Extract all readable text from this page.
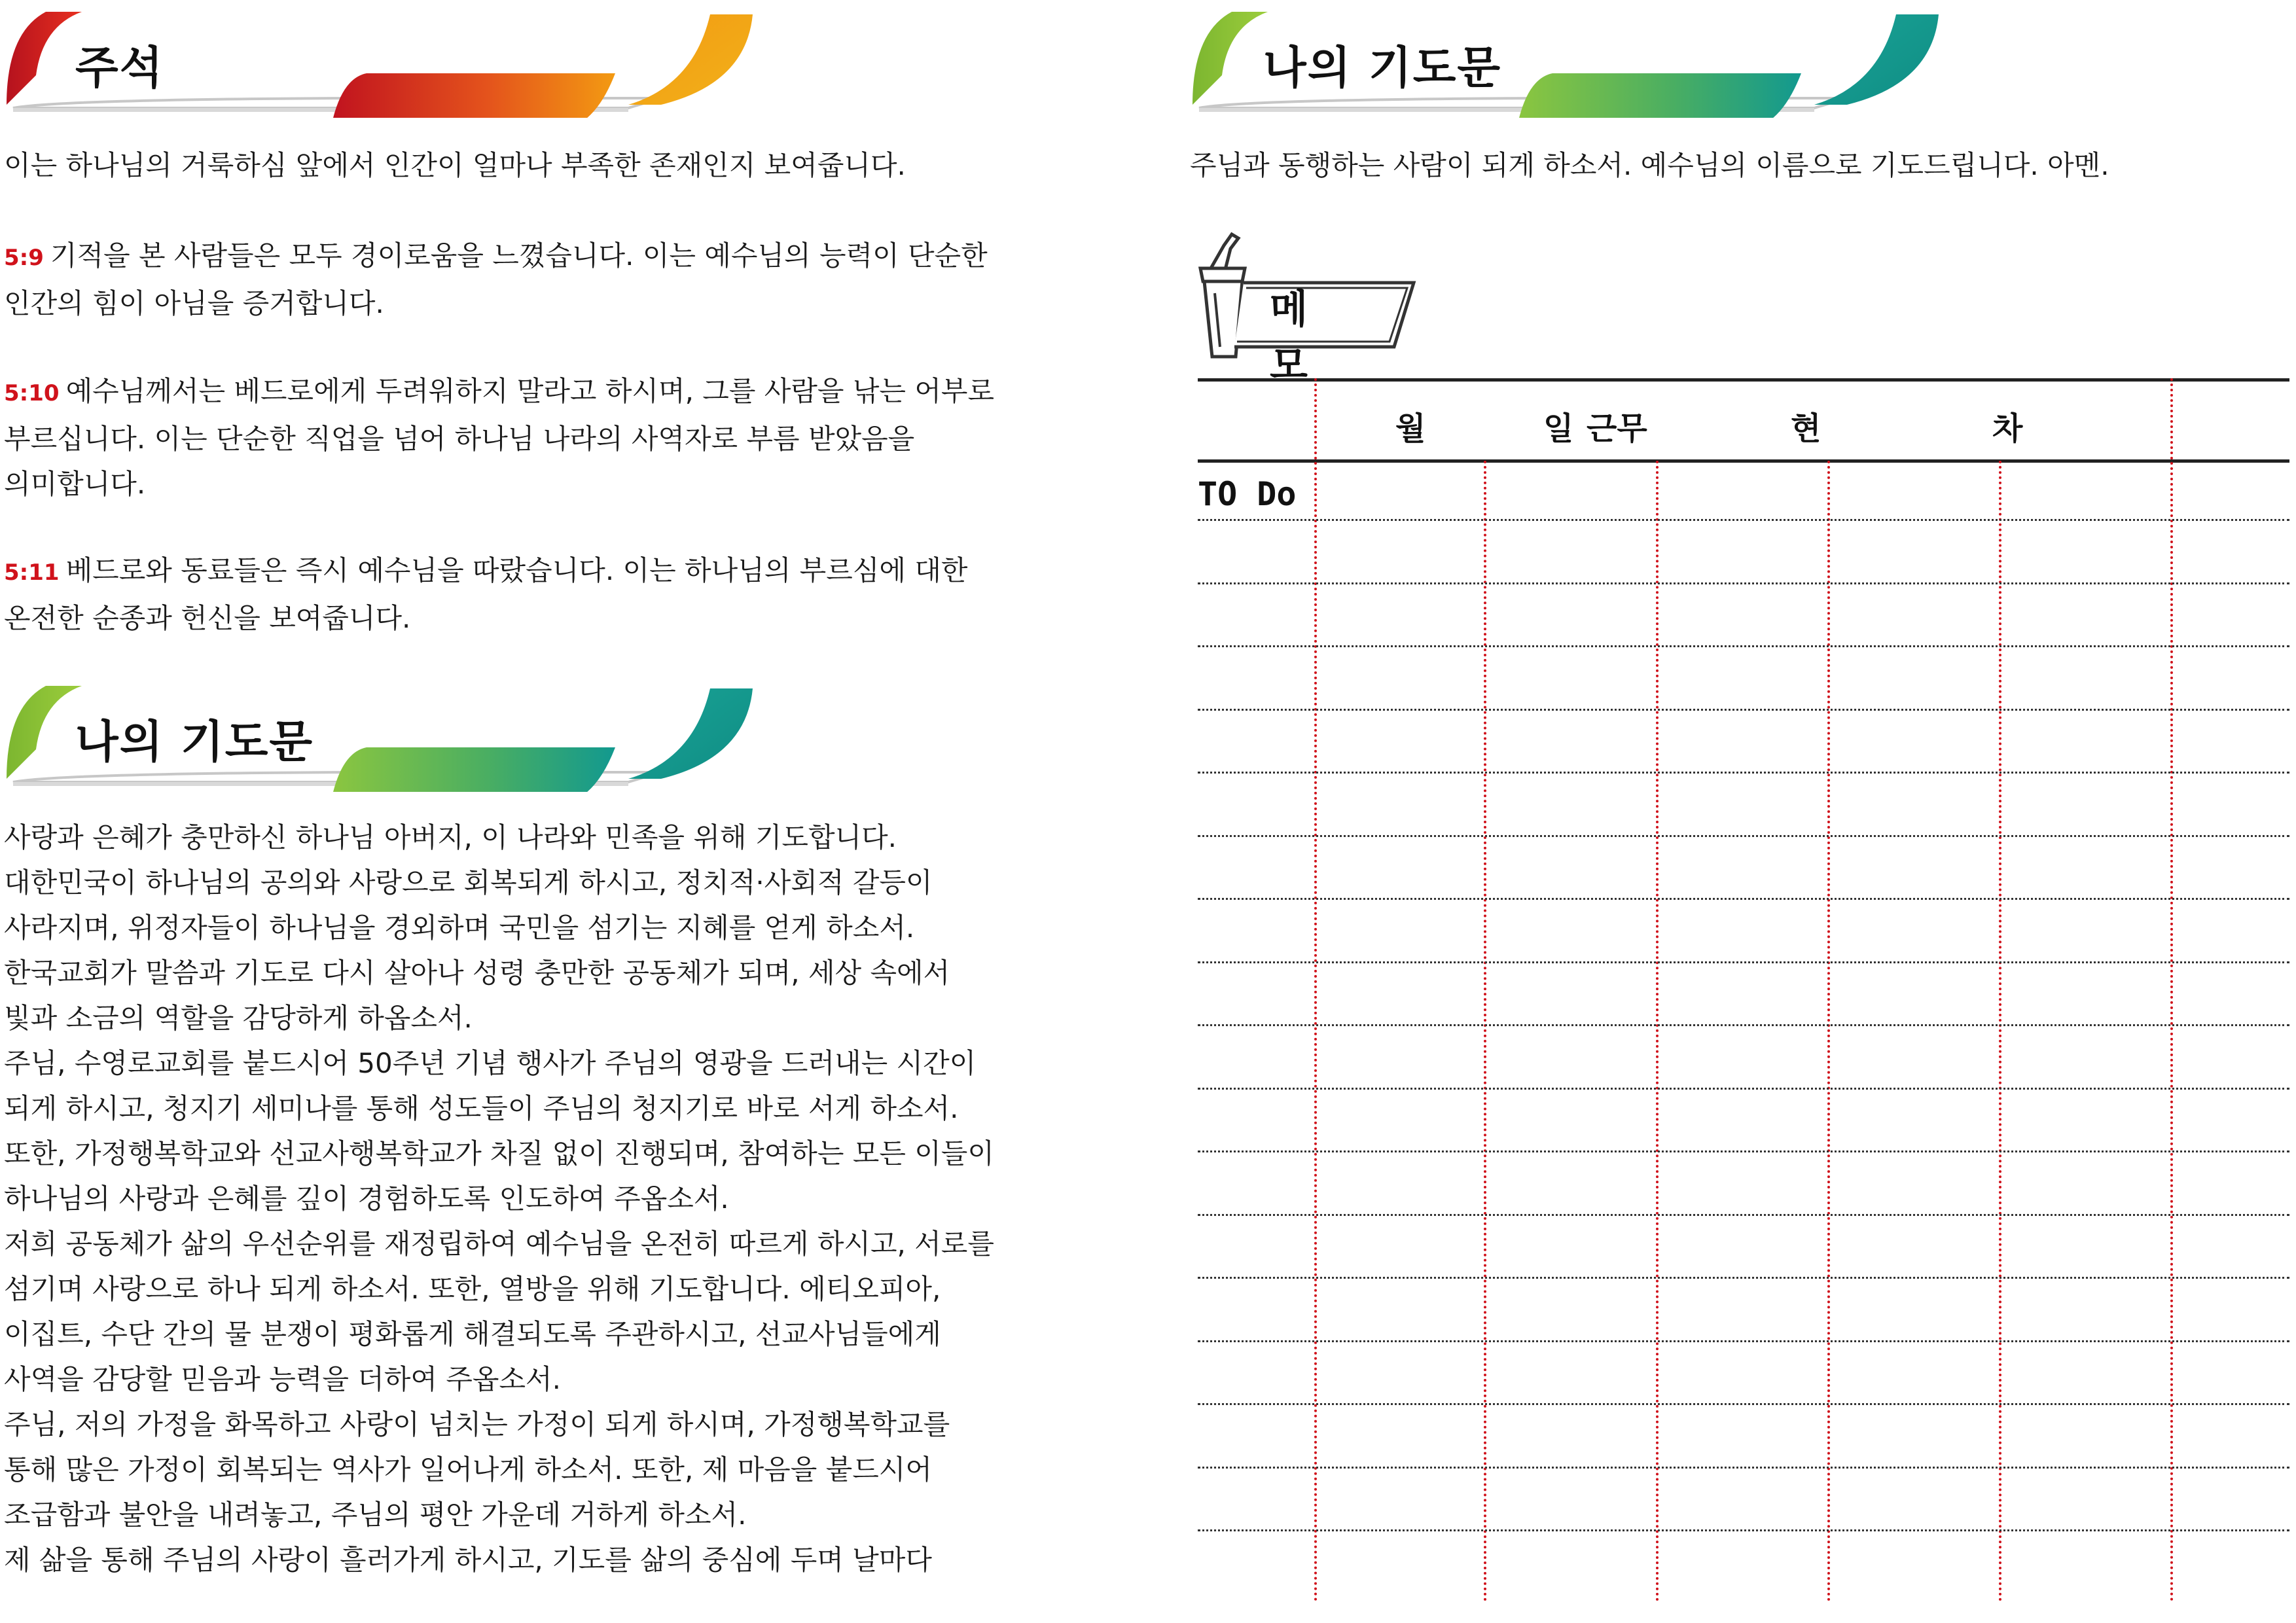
주석

이는 하나님의 거룩하심 앞에서 인간이 얼마나 부족한 존재인지 보여줍니다.

5:9 기적을 본 사람들은 모두 경이로움을 느꼈습니다. 이는 예수님의 능력이 단순한

인간의 힘이 아님을 증거합니다.

5:10 예수님께서는 베드로에게 두려워하지 말라고 하시며, 그를 사람을 낚는 어부로

부르십니다. 이는 단순한 직업을 넘어 하나님 나라의 사역자로 부름 받았음을

의미합니다.

5:11 베드로와 동료들은 즉시 예수님을 따랐습니다. 이는 하나님의 부르심에 대한

온전한 순종과 헌신을 보여줍니다.

나의 기도문

사랑과 은혜가 충만하신 하나님 아버지, 이 나라와 민족을 위해 기도합니다.

대한민국이 하나님의 공의와 사랑으로 회복되게 하시고, 정치적·사회적 갈등이

사라지며, 위정자들이 하나님을 경외하며 국민을 섬기는 지혜를 얻게 하소서.

한국교회가 말씀과 기도로 다시 살아나 성령 충만한 공동체가 되며, 세상 속에서

빛과 소금의 역할을 감당하게 하옵소서.

주님, 수영로교회를 붙드시어 50주년 기념 행사가 주님의 영광을 드러내는 시간이

되게 하시고, 청지기 세미나를 통해 성도들이 주님의 청지기로 바로 서게 하소서.

또한, 가정행복학교와 선교사행복학교가 차질 없이 진행되며, 참여하는 모든 이들이

하나님의 사랑과 은혜를 깊이 경험하도록 인도하여 주옵소서.

저희 공동체가 삶의 우선순위를 재정립하여 예수님을 온전히 따르게 하시고, 서로를

섬기며 사랑으로 하나 되게 하소서. 또한, 열방을 위해 기도합니다. 에티오피아,

이집트, 수단 간의 물 분쟁이 평화롭게 해결되도록 주관하시고, 선교사님들에게

사역을 감당할 믿음과 능력을 더하여 주옵소서.

주님, 저의 가정을 화목하고 사랑이 넘치는 가정이 되게 하시며, 가정행복학교를

통해 많은 가정이 회복되는 역사가 일어나게 하소서. 또한, 제 마음을 붙드시어

조급함과 불안을 내려놓고, 주님의 평안 가운데 거하게 하소서.

제 삶을 통해 주님의 사랑이 흘러가게 하시고, 기도를 삶의 중심에 두며 날마다

나의 기도문

주님과 동행하는 사람이 되게 하소서. 예수님의 이름으로 기도드립니다. 아멘.

메모
월	일 근무	현	차
TO Do
